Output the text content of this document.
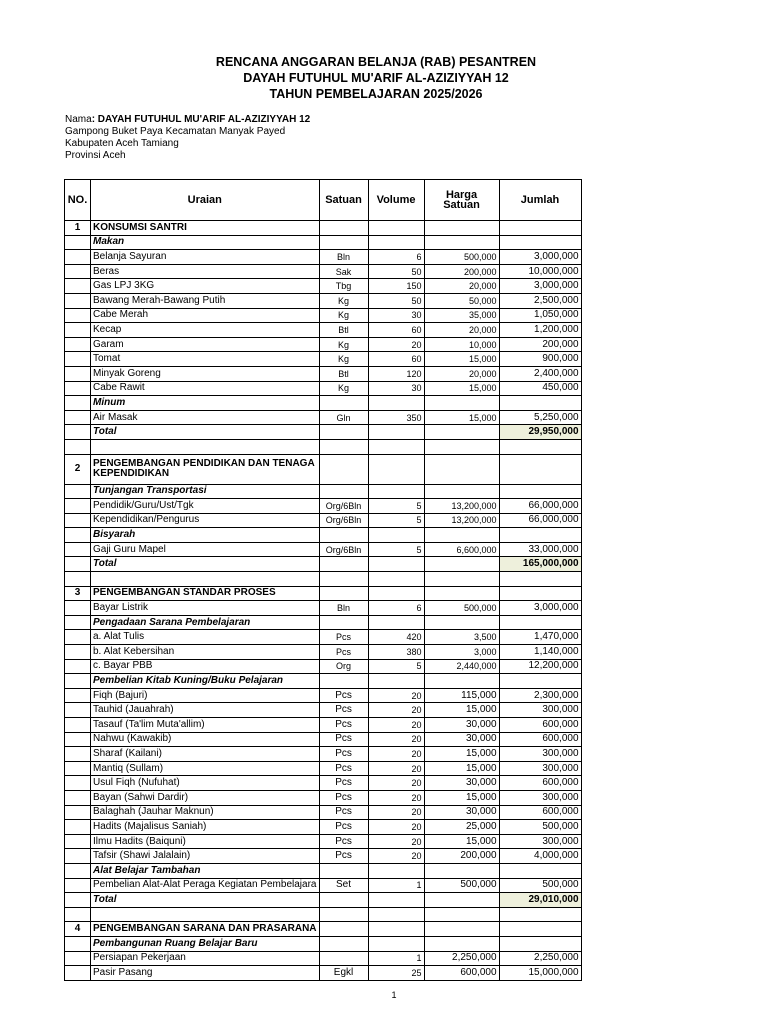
RENCANA ANGGARAN BELANJA (RAB) PESANTREN
DAYAH FUTUHUL MU'ARIF AL-AZIZIYYAH 12
TAHUN PEMBELAJARAN 2025/2026
Nama: DAYAH FUTUHUL MU'ARIF AL-AZIZIYYAH 12
Gampong Buket Paya Kecamatan Manyak Payed
Kabupaten Aceh Tamiang
Provinsi Aceh
NO.	Uraian	Satuan	Volume	Harga Satuan	Jumlah
1	KONSUMSI SANTRI				
	Makan				
	Belanja Sayuran	Bln	6	500,000	3,000,000
	Beras	Sak	50	200,000	10,000,000
	Gas LPJ 3KG	Tbg	150	20,000	3,000,000
	Bawang Merah-Bawang Putih	Kg	50	50,000	2,500,000
	Cabe Merah	Kg	30	35,000	1,050,000
	Kecap	Btl	60	20,000	1,200,000
	Garam	Kg	20	10,000	200,000
	Tomat	Kg	60	15,000	900,000
	Minyak Goreng	Btl	120	20,000	2,400,000
	Cabe Rawit	Kg	30	15,000	450,000
	Minum				
	Air Masak	Gln	350	15,000	5,250,000
	Total				29,950,000

2	PENGEMBANGAN PENDIDIKAN DAN TENAGA KEPENDIDIKAN				
	Tunjangan Transportasi				
	Pendidik/Guru/Ust/Tgk	Org/6Bln	5	13,200,000	66,000,000
	Kependidikan/Pengurus	Org/6Bln	5	13,200,000	66,000,000
	Bisyarah				
	Gaji Guru Mapel	Org/6Bln	5	6,600,000	33,000,000
	Total				165,000,000

3	PENGEMBANGAN STANDAR PROSES				
	Bayar Listrik	Bln	6	500,000	3,000,000
	Pengadaan Sarana Pembelajaran				
	a. Alat Tulis	Pcs	420	3,500	1,470,000
	b. Alat Kebersihan	Pcs	380	3,000	1,140,000
	c. Bayar PBB	Org	5	2,440,000	12,200,000
	Pembelian Kitab Kuning/Buku Pelajaran				
	Fiqh (Bajuri)	Pcs	20	115,000	2,300,000
	Tauhid (Jauahrah)	Pcs	20	15,000	300,000
	Tasauf (Ta'lim Muta'allim)	Pcs	20	30,000	600,000
	Nahwu (Kawakib)	Pcs	20	30,000	600,000
	Sharaf (Kailani)	Pcs	20	15,000	300,000
	Mantiq (Sullam)	Pcs	20	15,000	300,000
	Usul Fiqh (Nufuhat)	Pcs	20	30,000	600,000
	Bayan (Sahwi Dardir)	Pcs	20	15,000	300,000
	Balaghah (Jauhar Maknun)	Pcs	20	30,000	600,000
	Hadits (Majalisus Saniah)	Pcs	20	25,000	500,000
	Ilmu Hadits (Baiquni)	Pcs	20	15,000	300,000
	Tafsir (Shawi Jalalain)	Pcs	20	200,000	4,000,000
	Alat Belajar Tambahan				
	Pembelian Alat-Alat Peraga Kegiatan Pembelajara	Set	1	500,000	500,000
	Total				29,010,000

4	PENGEMBANGAN SARANA DAN PRASARANA				
	Pembangunan Ruang Belajar Baru				
	Persiapan Pekerjaan		1	2,250,000	2,250,000
	Pasir Pasang	Egkl	25	600,000	15,000,000
1
